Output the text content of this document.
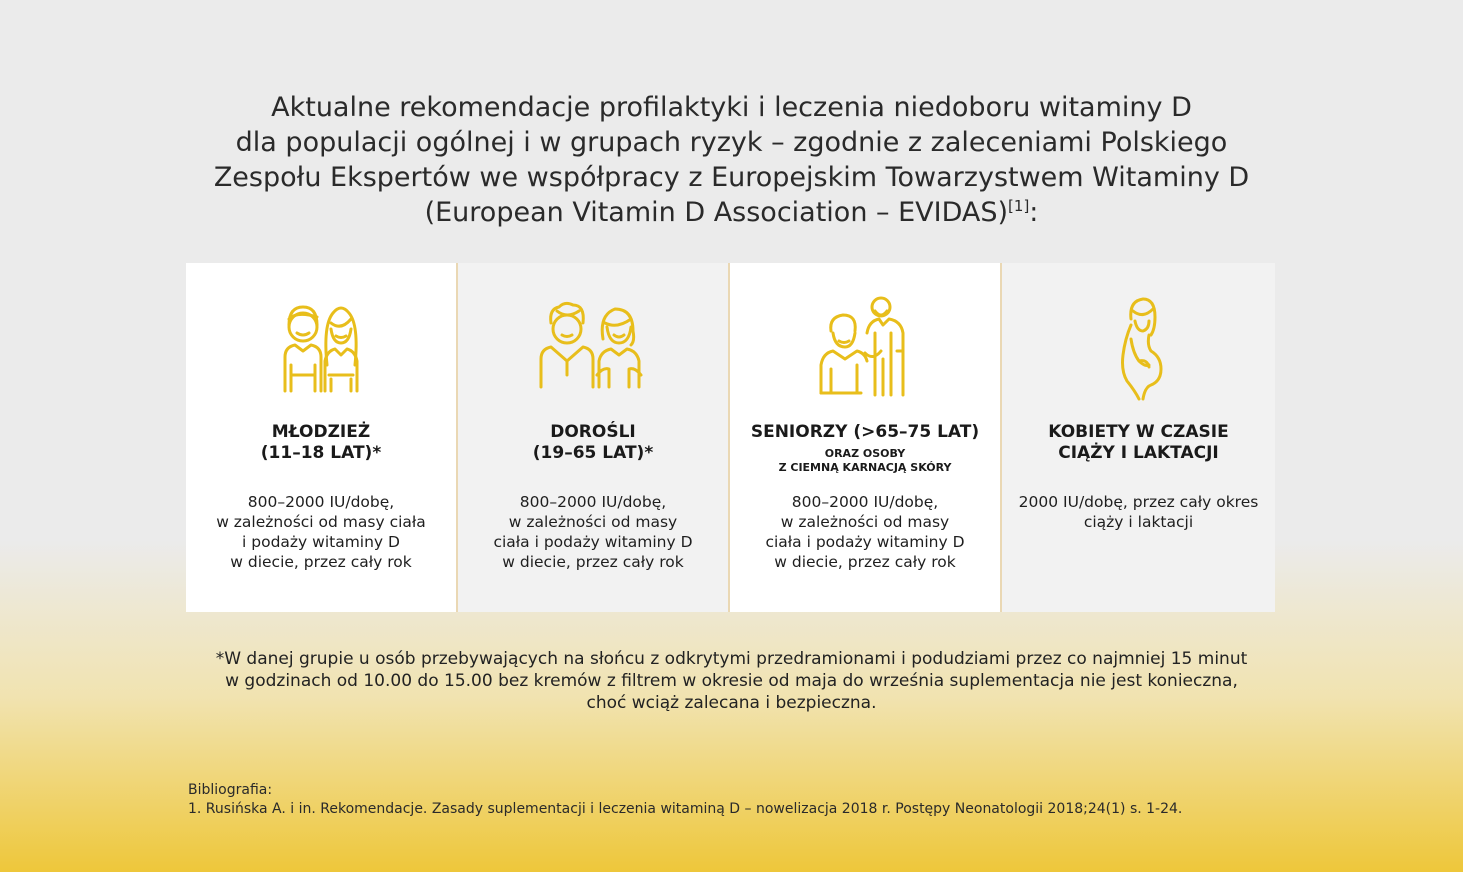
Aktualne rekomendacje profilaktyki i leczenia niedoboru witaminy D
dla populacji ogólnej i w grupach ryzyk – zgodnie z zaleceniami Polskiego
Zespołu Ekspertów we współpracy z Europejskim Towarzystwem Witaminy D
(European Vitamin D Association – EVIDAS)[1]:
MŁODZIEŻ
(11–18 LAT)*
800–2000 IU/dobę,
w zależności od masy ciała
i podaży witaminy D
w diecie, przez cały rok
DOROŚLI
(19–65 LAT)*
800–2000 IU/dobę,
w zależności od masy
ciała i podaży witaminy D
w diecie, przez cały rok
SENIORZY (>65–75 LAT)
ORAZ OSOBY
Z CIEMNĄ KARNACJĄ SKÓRY
800–2000 IU/dobę,
w zależności od masy
ciała i podaży witaminy D
w diecie, przez cały rok
KOBIETY W CZASIE
CIĄŻY I LAKTACJI
2000 IU/dobę, przez cały okres
ciąży i laktacji
*W danej grupie u osób przebywających na słońcu z odkrytymi przedramionami i podudziami przez co najmniej 15 minut
w godzinach od 10.00 do 15.00 bez kremów z filtrem w okresie od maja do września suplementacja nie jest konieczna,
choć wciąż zalecana i bezpieczna.
Bibliografia:
1. Rusińska A. i in. Rekomendacje. Zasady suplementacji i leczenia witaminą D – nowelizacja 2018 r. Postępy Neonatologii 2018;24(1) s. 1-24.
